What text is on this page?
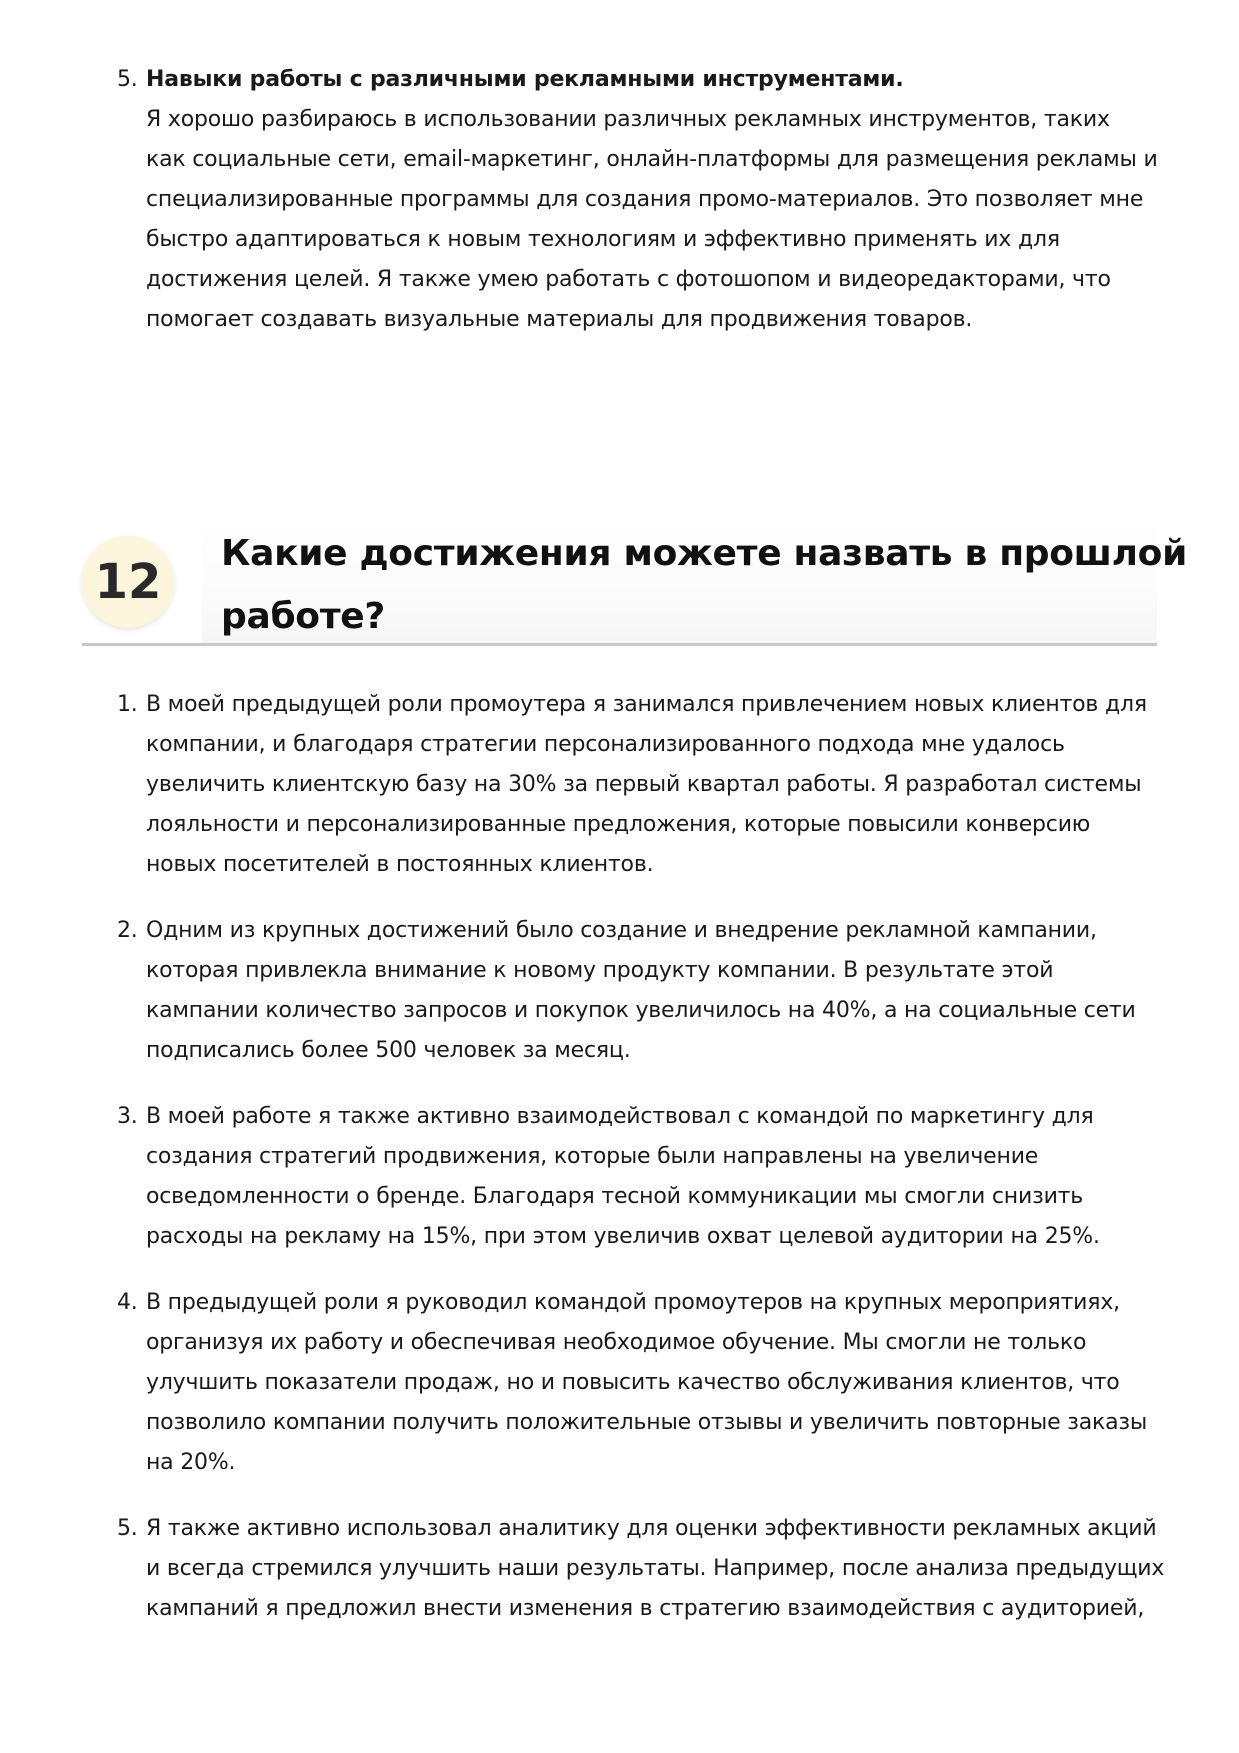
5. Навыки работы с различными рекламными инструментами.
Я хорошо разбираюсь в использовании различных рекламных инструментов, таких
как социальные сети, email-маркетинг, онлайн-платформы для размещения рекламы и
специализированные программы для создания промо-материалов. Это позволяет мне
быстро адаптироваться к новым технологиям и эффективно применять их для
достижения целей. Я также умею работать с фотошопом и видеоредакторами, что
помогает создавать визуальные материалы для продвижения товаров.
12
Какие достижения можете назвать в прошлой
работе?
1. В моей предыдущей роли промоутера я занимался привлечением новых клиентов для
компании, и благодаря стратегии персонализированного подхода мне удалось
увеличить клиентскую базу на 30% за первый квартал работы. Я разработал системы
лояльности и персонализированные предложения, которые повысили конверсию
новых посетителей в постоянных клиентов.
2. Одним из крупных достижений было создание и внедрение рекламной кампании,
которая привлекла внимание к новому продукту компании. В результате этой
кампании количество запросов и покупок увеличилось на 40%, а на социальные сети
подписались более 500 человек за месяц.
3. В моей работе я также активно взаимодействовал с командой по маркетингу для
создания стратегий продвижения, которые были направлены на увеличение
осведомленности о бренде. Благодаря тесной коммуникации мы смогли снизить
расходы на рекламу на 15%, при этом увеличив охват целевой аудитории на 25%.
4. В предыдущей роли я руководил командой промоутеров на крупных мероприятиях,
организуя их работу и обеспечивая необходимое обучение. Мы смогли не только
улучшить показатели продаж, но и повысить качество обслуживания клиентов, что
позволило компании получить положительные отзывы и увеличить повторные заказы
на 20%.
5. Я также активно использовал аналитику для оценки эффективности рекламных акций
и всегда стремился улучшить наши результаты. Например, после анализа предыдущих
кампаний я предложил внести изменения в стратегию взаимодействия с аудиторией,
